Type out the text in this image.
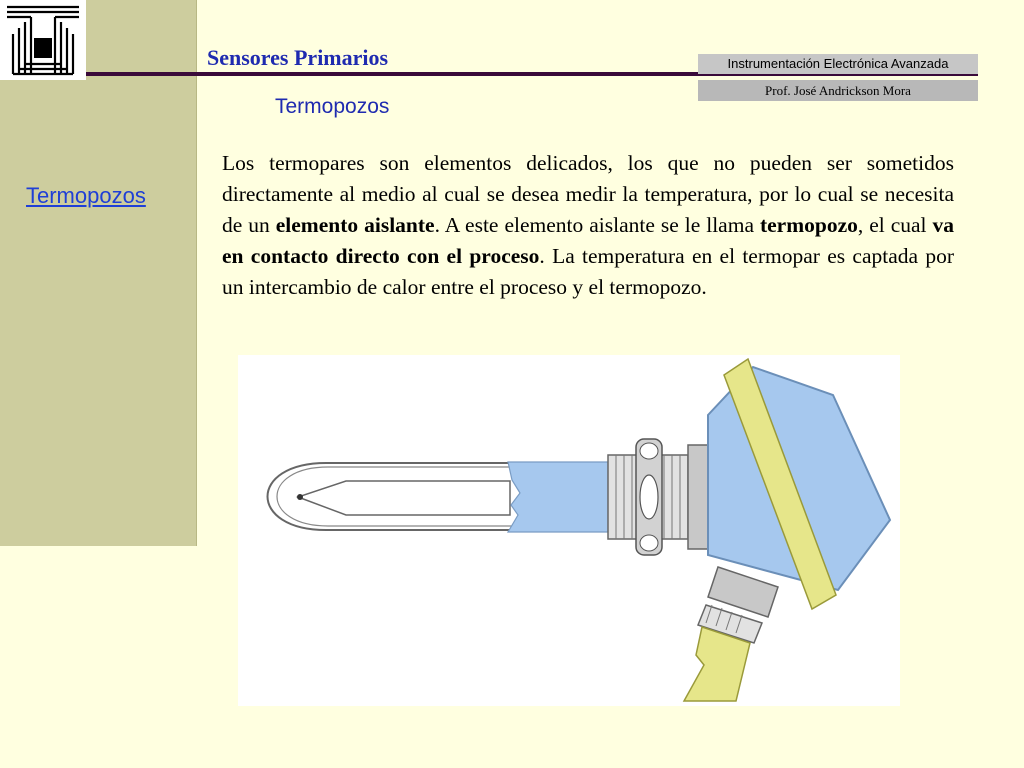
Termopozos
Sensores Primarios	Instrumentación Electrónica Avanzada
Prof. José Andrickson Mora
Termopozos
Los termopares son elementos delicados, los que no pueden ser sometidos directamente al medio al cual se desea medir la temperatura, por lo cual se necesita de un elemento aislante. A este elemento aislante se le llama termopozo, el cual va en contacto directo con el proceso. La temperatura en el termopar es captada por un intercambio de calor entre el proceso y el termopozo.
